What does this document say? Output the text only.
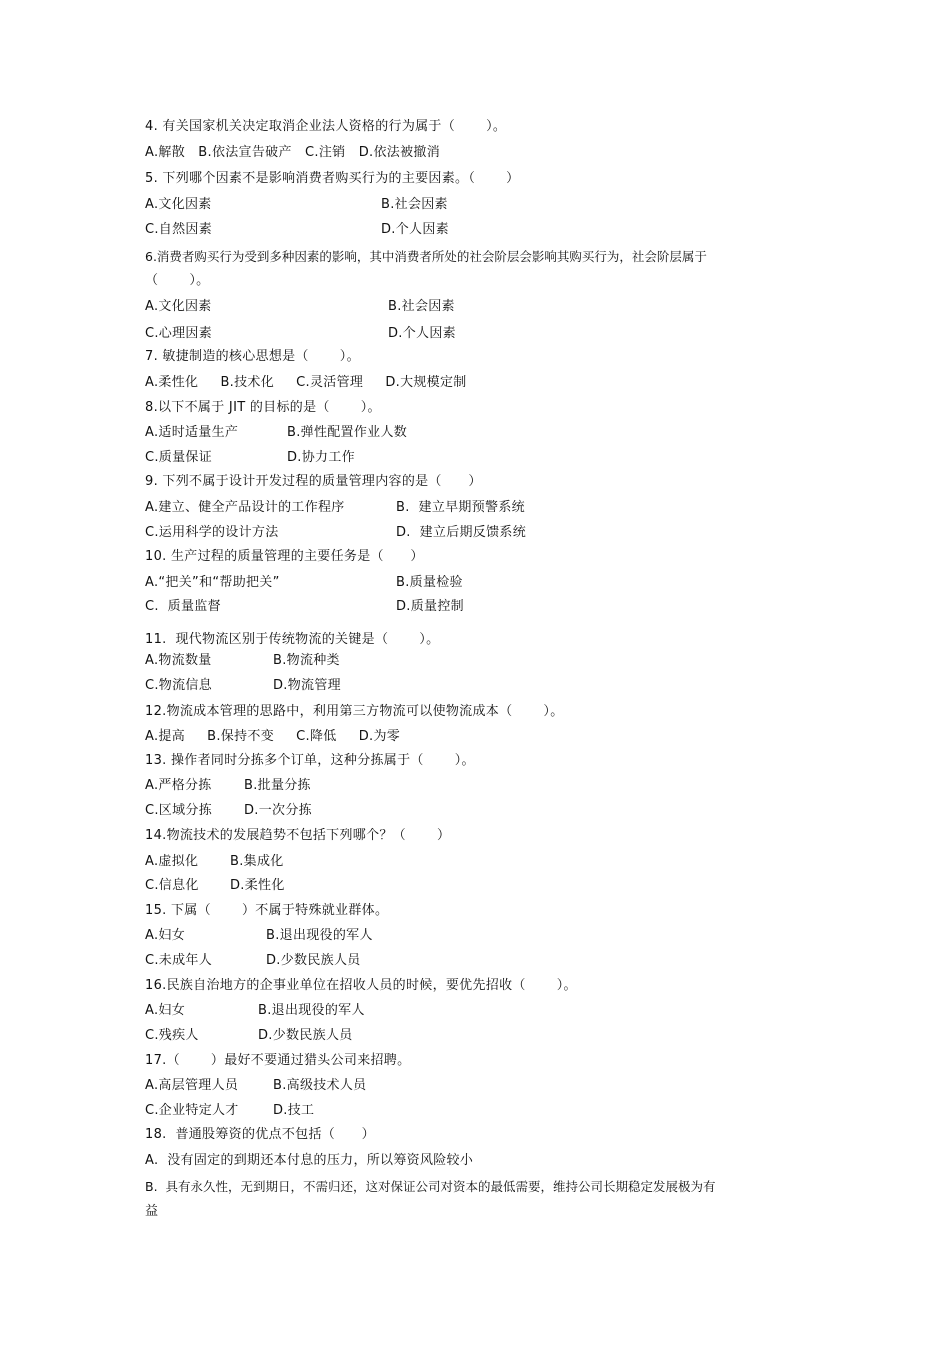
4. 有关国家机关决定取消企业法人资格的行为属于（　　 ）。
A.解散   B.依法宣告破产   C.注销   D.依法被撤消
5. 下列哪个因素不是影响消费者购买行为的主要因素。（　　 ）
A.文化因素	B.社会因素
C.自然因素	D.个人因素
6.消费者购买行为受到多种因素的影响，其中消费者所处的社会阶层会影响其购买行为，社会阶层属于
（　　 ）。
A.文化因素	B.社会因素
C.心理因素	D.个人因素
7. 敏捷制造的核心思想是（　　 ）。
A.柔性化     B.技术化     C.灵活管理     D.大规模定制
8.以下不属于 JIT 的目标的是（　　 ）。
A.适时适量生产	B.弹性配置作业人数
C.质量保证	D.协力工作
9. 下列不属于设计开发过程的质量管理内容的是（　　）
A.建立、健全产品设计的工作程序	B.  建立早期预警系统
C.运用科学的设计方法	D.  建立后期反馈系统
10. 生产过程的质量管理的主要任务是（　　）
A.“把关”和“帮助把关”	B.质量检验
C.  质量监督	D.质量控制
11.  现代物流区别于传统物流的关键是（　　 ）。
A.物流数量	B.物流种类
C.物流信息	D.物流管理
12.物流成本管理的思路中，利用第三方物流可以使物流成本（　　 ）。
A.提高     B.保持不变     C.降低     D.为零
13. 操作者同时分拣多个订单，这种分拣属于（　　 ）。
A.严格分拣 B.批量分拣
C.区域分拣 D.一次分拣
14.物流技术的发展趋势不包括下列哪个？（　　 ）
A.虚拟化 B.集成化
C.信息化 D.柔性化
15. 下属（　　 ）不属于特殊就业群体。
A.妇女	B.退出现役的军人
C.未成年人	D.少数民族人员
16.民族自治地方的企事业单位在招收人员的时候，要优先招收（　　 ）。
A.妇女	B.退出现役的军人
C.残疾人	D.少数民族人员
17.（　　 ）最好不要通过猎头公司来招聘。
A.高层管理人员	B.高级技术人员
C.企业特定人才	D.技工
18.  普通股筹资的优点不包括（　　）
A.  没有固定的到期还本付息的压力，所以筹资风险较小
B.  具有永久性，无到期日，不需归还，这对保证公司对资本的最低需要，维持公司长期稳定发展极为有
益
